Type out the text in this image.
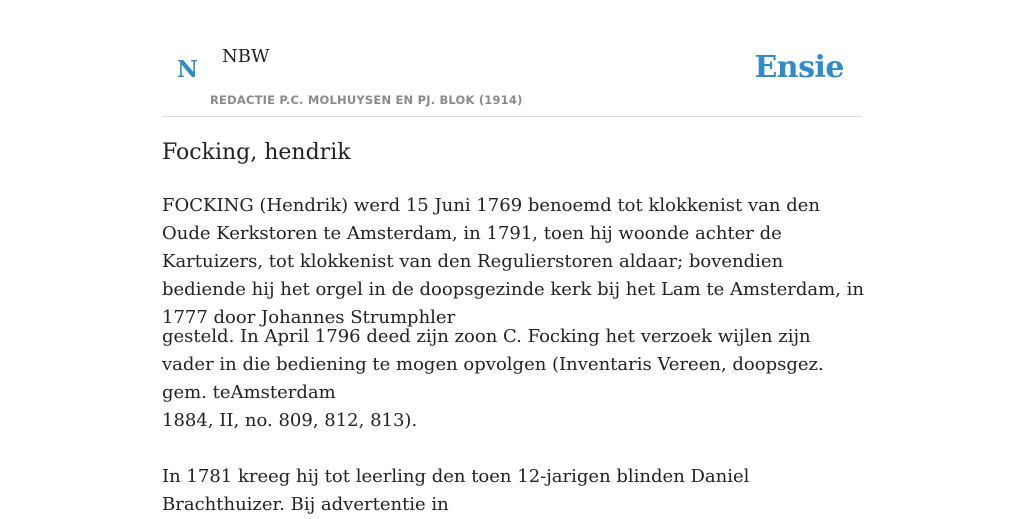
N NBW
REDACTIE P.C. MOLHUYSEN EN PJ. BLOK (1914)
Ensie
Focking, hendrik

FOCKING (Hendrik) werd 15 Juni 1769 benoemd tot klokkenist van den Oude Kerkstoren te Amsterdam, in 1791, toen hij woonde achter de Kartuizers, tot klokkenist van den Regulierstoren aldaar; bovendien bediende hij het orgel in de doopsgezinde kerk bij het Lam te Amsterdam, in 1777 door Johannes Strumphler

gesteld. In April 1796 deed zijn zoon C. Focking het verzoek wijlen zijn vader in die bediening te mogen opvolgen (Inventaris Vereen, doopsgez. gem. teAmsterdam

1884, II, no. 809, 812, 813).

In 1781 kreeg hij tot leerling den toen 12-jarigen blinden Daniel Brachthuizer. Bij advertentie in
